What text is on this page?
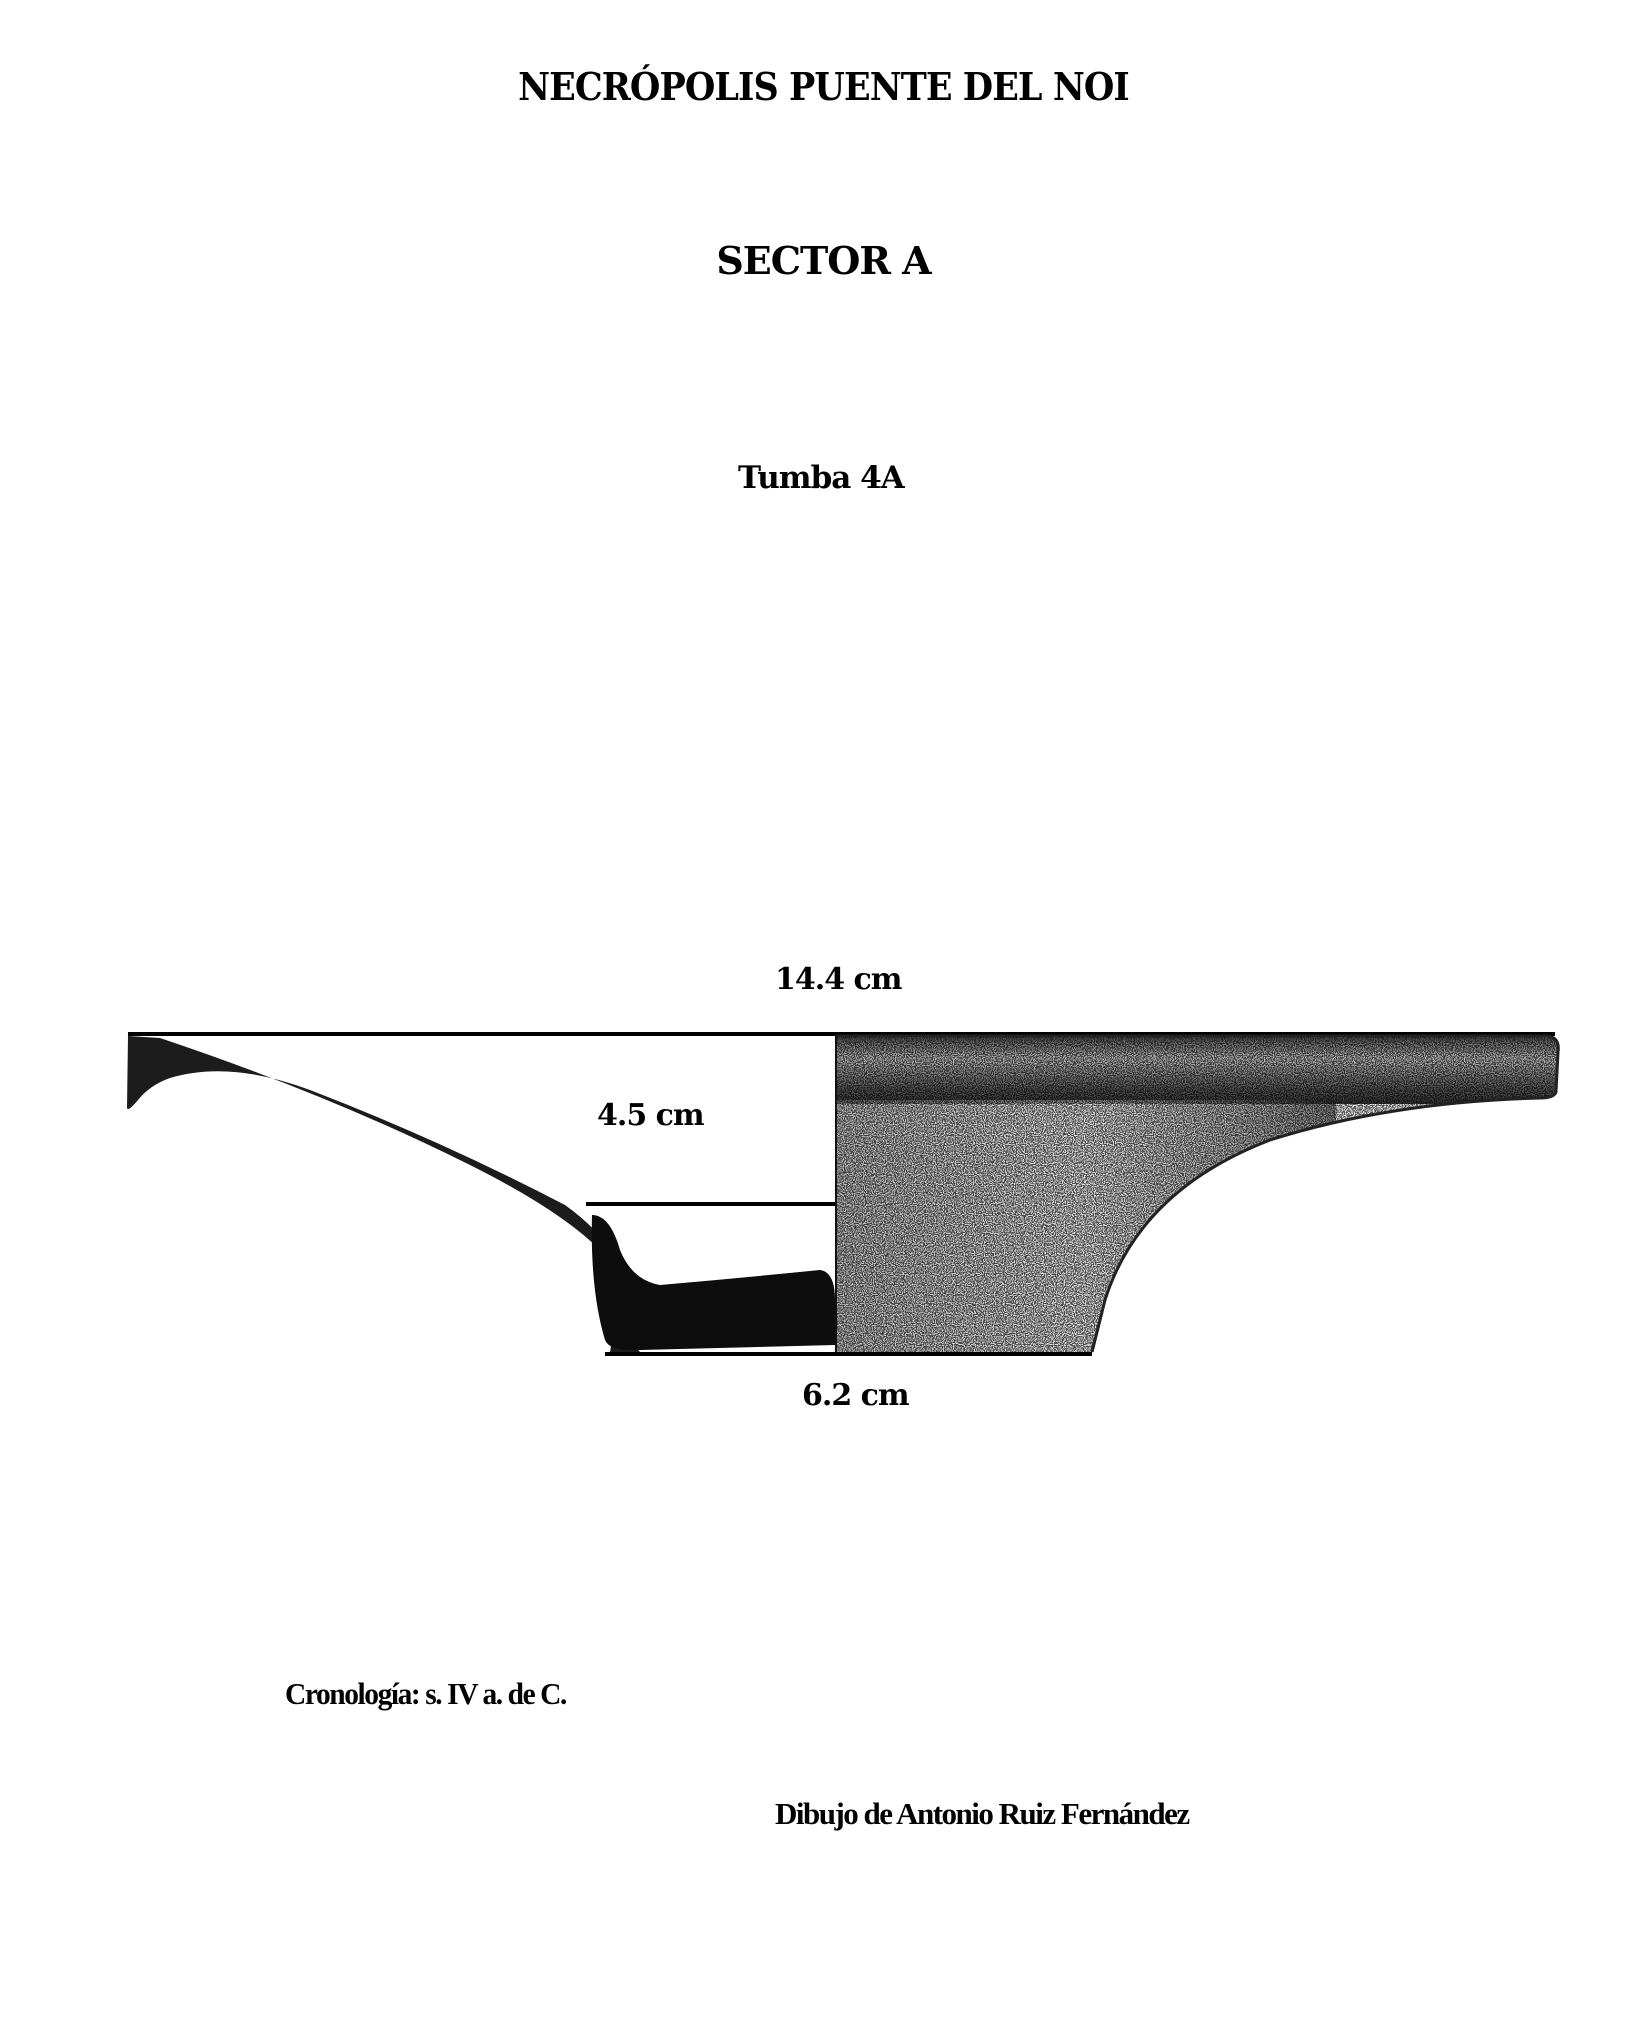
NECRÓPOLIS PUENTE DEL NOI
SECTOR A
Tumba 4A
14.4 cm
4.5 cm
6.2 cm
Cronología: s. IV a. de C.
Dibujo de Antonio Ruiz Fernández
